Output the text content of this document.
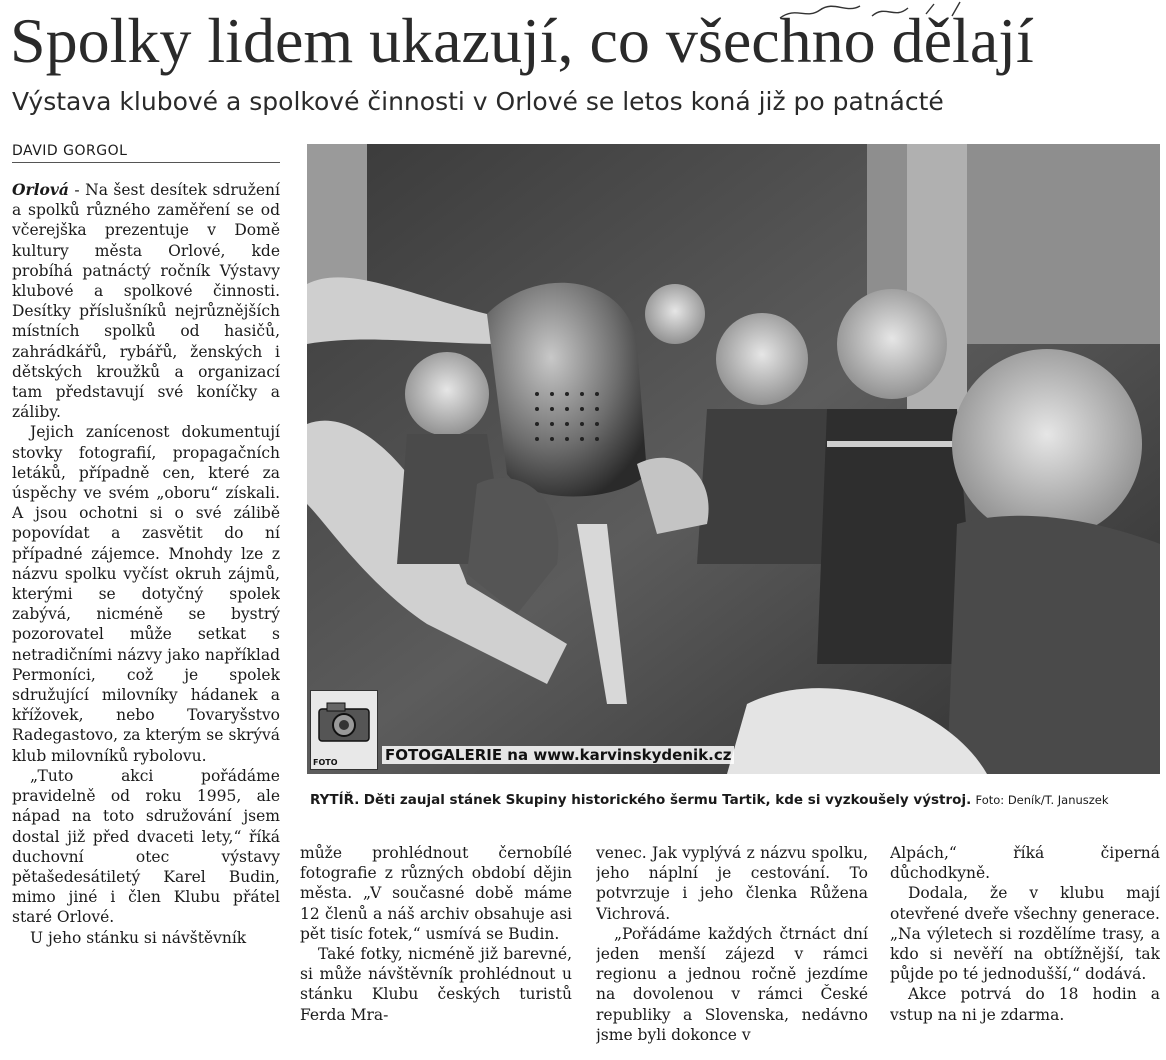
Spolky lidem ukazují, co všechno dělají
Výstava klubové a spolkové činnosti v Orlové se letos koná již po patnácté
DAVID GORGOL

Orlová - Na šest desítek sdružení a spolků různého zaměření se od včerejška prezentuje v Domě kultury města Orlové, kde probíhá patnáctý ročník Výstavy klubové a spolkové činnosti. Desítky příslušníků nejrůznějších místních spolků od hasičů, zahrádkářů, rybářů, ženských i dětských kroužků a organizací tam představují své koníčky a záliby.

Jejich zanícenost dokumentují stovky fotografií, propagačních letáků, případně cen, které za úspěchy ve svém „oboru“ získali. A jsou ochotni si o své zálibě popovídat a zasvětit do ní případné zájemce. Mnohdy lze z názvu spolku vyčíst okruh zájmů, kterými se dotyčný spolek zabývá, nicméně se bystrý pozorovatel může setkat s netradičními názvy jako například Permoníci, což je spolek sdružující milovníky hádanek a křížovek, nebo Tovaryšstvo Radegastovo, za kterým se skrývá klub milovníků rybolovu.

„Tuto akci pořádáme pravidelně od roku 1995, ale nápad na toto sdružování jsem dostal již před dvaceti lety,“ říká duchovní otec výstavy pětašedesátiletý Karel Budin, mimo jiné i člen Klubu přátel staré Orlové.

U jeho stánku si návštěvník

FOTO	FOTOGALERIE na www.karvinskydenik.cz
RYTÍŘ. Děti zaujal stánek Skupiny historického šermu Tartik, kde si vyzkoušely výstroj. Foto: Deník/T. Januszek

může prohlédnout černobílé fotografie z různých období dějin města. „V současné době máme 12 členů a náš archiv obsahuje asi pět tisíc fotek,“ usmívá se Budin.

Také fotky, nicméně již barevné, si může návštěvník prohlédnout u stánku Klubu českých turistů Ferda Mra-

venec. Jak vyplývá z názvu spolku, jeho náplní je cestování. To potvrzuje i jeho členka Růžena Vichrová.

„Pořádáme každých čtrnáct dní jeden menší zájezd v rámci regionu a jednou ročně jezdíme na dovolenou v rámci České republiky a Slovenska, nedávno jsme byli dokonce v

Alpách,“ říká čiperná důchodkyně.

Dodala, že v klubu mají otevřené dveře všechny generace. „Na výletech si rozdělíme trasy, a kdo si nevěří na obtížnější, tak půjde po té jednodušší,“ dodává.

Akce potrvá do 18 hodin a vstup na ni je zdarma.
